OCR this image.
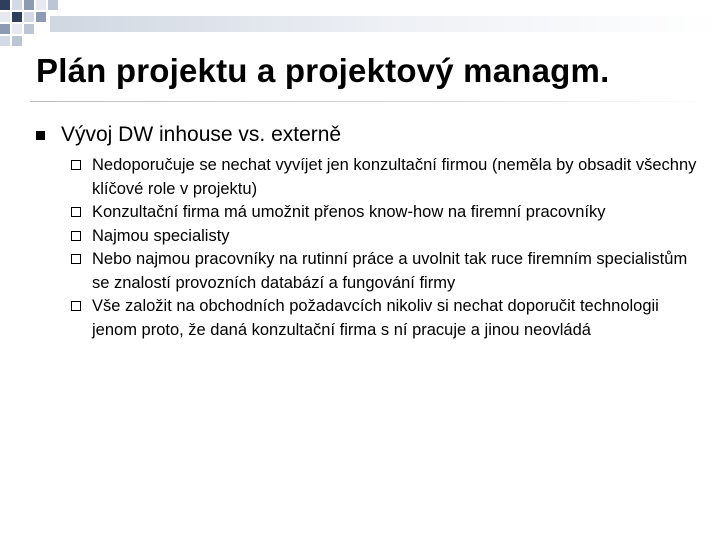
Plán projektu a projektový managm.
Vývoj DW inhouse vs. externě
Nedoporučuje se nechat vyvíjet jen konzultační firmou (neměla by obsadit všechny klíčové role v projektu)
Konzultační firma má umožnit přenos know-how na firemní pracovníky
Najmou specialisty
Nebo najmou pracovníky na rutinní práce a uvolnit tak ruce firemním specialistům se znalostí provozních databází a fungování firmy
Vše založit na obchodních požadavcích nikoliv si nechat doporučit technologii jenom proto, že daná konzultační firma s ní pracuje a jinou neovládá
